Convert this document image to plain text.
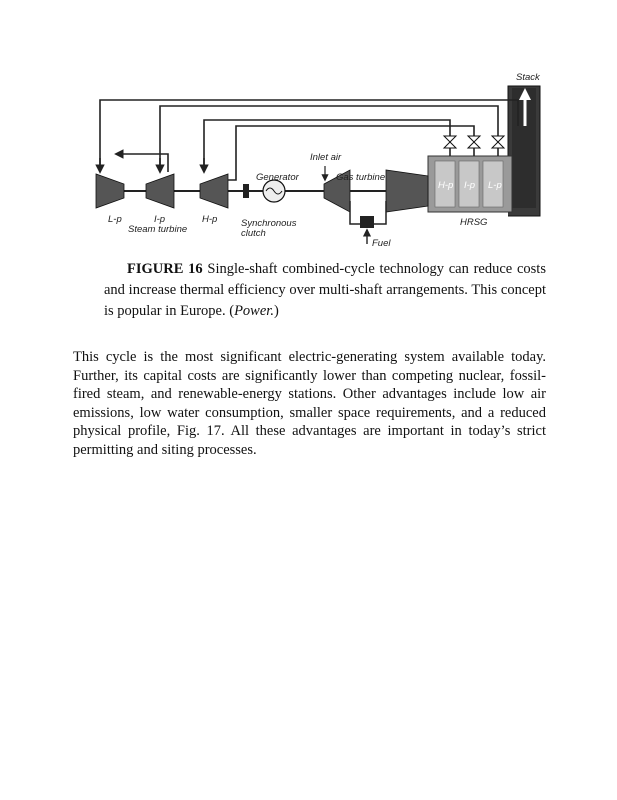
Stack
Inlet air
Generator	Gas turbine
L-p	I-p	H-p
Steam turbine
Synchronous
clutch
HRSG
Fuel
H-p I-p L-p

FIGURE 16 Single-shaft combined-cycle technology can reduce costs and increase thermal efficiency over multi-shaft arrangements. This concept is popular in Europe. (Power.)

This cycle is the most significant electric-generating system available today. Further, its capital costs are significantly lower than competing nuclear, fossil-fired steam, and renewable-energy stations. Other advantages include low air emissions, low water consumption, smaller space requirements, and a reduced physical profile, Fig. 17. All these advantages are important in today’s strict permitting and siting processes.
